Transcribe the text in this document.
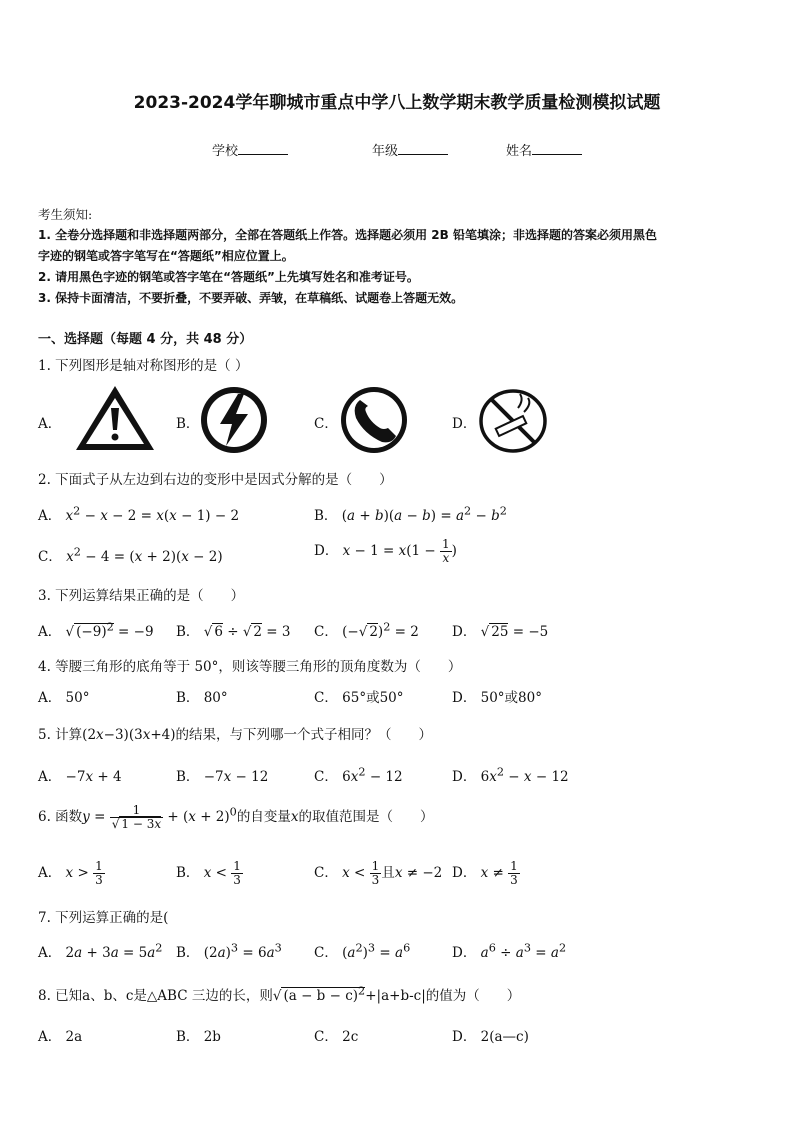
2023-2024学年聊城市重点中学八上数学期末教学质量检测模拟试题
学校	年级	姓名

考生须知:

1. 全卷分选择题和非选择题两部分，全部在答题纸上作答。选择题必须用 2B 铅笔填涂；非选择题的答案必须用黑色

字迹的钢笔或答字笔写在“答题纸”相应位置上。

2. 请用黑色字迹的钢笔或答字笔在“答题纸”上先填写姓名和准考证号。

3. 保持卡面清洁，不要折叠，不要弄破、弄皱，在草稿纸、试题卷上答题无效。

一、选择题（每题 4 分，共 48 分）
1. 下列图形是轴对称图形的是（ ）
A．	B．	C．	D．
2. 下面式子从左边到右边的变形中是因式分解的是（　　）
A． $x^2 - x - 2 = x(x - 1) - 2$	B． $(a + b)(a - b) = a^2 - b^2$
C． $x^2 - 4 = (x + 2)(x - 2)$	D． $x - 1 = x(1 - \frac{1}{x}$ )
3. 下列运算结果正确的是（　　）
A． √ $(-9)^2 = -9$ B． √ 6 ÷ √ 2 = 3 C． (−√ 2)$^2$ = 2 D． √ 25 = −5
4. 等腰三角形的底角等于 50°，则该等腰三角形的顶角度数为（　　）
A． 50°	B． 80°	C． 65°或50°	D． 50°或80°
5. 计算(2x−3)(3x+4)的结果，与下列哪一个式子相同？（　　）
A． −7x + 4	B． −7x − 12	C． $6x^2 - 12$	D． $6x^2 - x - 12$
6. 函数$y = \frac{1}{√ 1 - 3x} + (x + 2)^0$的自变量x的取值范围是（　　）
A． $x > \frac{1}{3}$	B． $x < \frac{1}{3}$	C． $x < \frac{1}{3}$ 且x ≠ −2 D． $x \ne \frac{1}{3}$
7. 下列运算正确的是(
A． $2a + 3a = 5a^2$ B． $(2a)^3 = 6a^3$ C． $(a^2)^3 = a^6$	D． $a^6 \div a^3 = a^2$
8. 已知a、b、c是△ABC 三边的长，则√ $(a - b - c)^2+|a+b-c|$的值为（　　）
A． 2a	B． 2b	C． 2c	D． 2(a—c)
